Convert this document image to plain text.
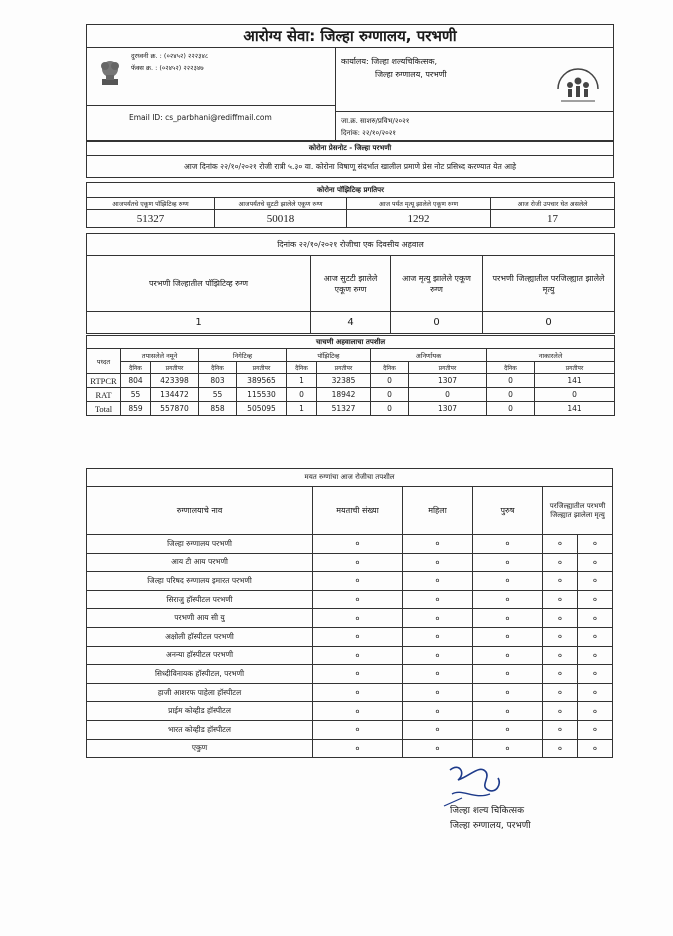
आरोग्य सेवा: जिल्हा रुग्णालय, परभणी
दुरध्वनी क्र. : (०२४५२) २२२३४८
फॅक्स क्र. : (०२४५२) २२२३४७
Email ID: cs_parbhani@rediffmail.com
कार्यालय: जिल्हा शल्यचिकित्सक,
जिल्हा रुग्णालय, परभणी
जा.क्र. साशरु/प्रविभ/२०२१
दिनांक: २२/१०/२०२१
कोरोना प्रेसनोट - जिल्हा परभणी
आज दिनांक २२/१०/२०२१ रोजी रात्री ५.३० वा. कोरोना विषाणू संदर्भात खालील प्रमाणे प्रेस नोट प्रसिध्द करण्यात येत आहे
कोरोना पॉझिटिव्ह प्रगतिपर			
आजपर्यंतचे एकूण पॉझिटिव्ह रुग्ण	आजपर्यंतचे सुटटी झालेले एकूण रुग्ण	आज पर्यंत मृत्यू झालेले एकूण रुग्ण	आज रोजी उपचार घेत असलेले
51327	50018	1292	17
दिनांक २२/१०/२०२१ रोजीचा एक दिवसीय अहवाल			
परभणी जिल्हातील पॉझिटिव्ह रुग्ण	आज सुटटी झालेले एकूण रुग्ण	आज मृत्यु झालेले एकूण रुग्ण	परभणी जिल्ह्यातील परजिल्ह्यात झालेले मृत्यु
1	4	0	0
चाचणी अहवालाचा तपशील										
पध्दत	तपासलेले नमूने		निगेटिव्ह		पॉझिटिव्ह		अनिर्णायक		नाकारलेले	
	दैनिक	प्रगतीपर	दैनिक	प्रगतीपर	दैनिक	प्रगतीपर	दैनिक	प्रगतीपर	दैनिक	प्रगतीपर
RTPCR	804	423398	803	389565	1	32385	0	1307	0	141
RAT	55	134472	55	115530	0	18942	0	0	0	0
Total	859	557870	858	505095	1	51327	0	1307	0	141
मयत रुग्णांचा आज रोजीचा तपशील
रुग्णालयाचे नाव	मयताची संख्या	महिला	पुरुष	परजिल्ह्यातील परभणी जिल्ह्यात झालेला मृत्यु
जिल्हा रुग्णालय परभणी	०	०	०	०	०
आय टी आय परभणी	०	०	०	०	०
जिल्हा परिषद रुग्णालय इमारत परभणी	०	०	०	०	०
सिराजु हॉस्पीटल परभणी	०	०	०	०	०
परभणी आय सी यु	०	०	०	०	०
अक्षोली हॉस्पीटल परभणी	०	०	०	०	०
अनन्या हॉस्पीटल परभणी	०	०	०	०	०
सिध्दीविनायक हॉस्पीटल, परभणी	०	०	०	०	०
हाजी आशरफ पाहेला हॉस्पीटल	०	०	०	०	०
प्राईम कोव्हीड हॉस्पीटल	०	०	०	०	०
भारत कोव्हीड हॉस्पीटल	०	०	०	०	०
एकुण	०	०	०	०	०
जिल्हा शल्य चिकित्सक
जिल्हा रुग्णालय, परभणी
